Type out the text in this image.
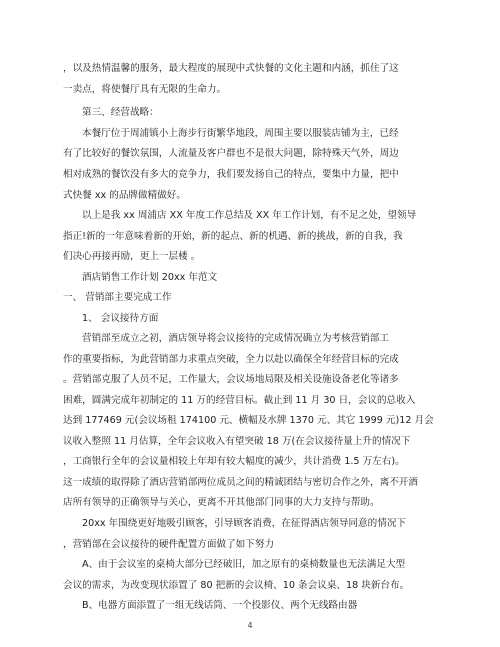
，以及热情温馨的服务，最大程度的展现中式快餐的文化主题和内涵，抓住了这
一卖点，将使餐厅具有无限的生命力。
第三、经营战略：
本餐厅位于周浦镇小上海步行街繁华地段，周围主要以服装店铺为主，已经
有了比较好的餐饮氛围，人流量及客户群也不是很大问题，除特殊天气外，周边
相对成熟的餐饮没有多大的竞争力，我们要发扬自己的特点，要集中力量，把中
式快餐 xx 的品牌做精做好。
以上是我 xx 周浦店 XX 年度工作总结及 XX 年工作计划，有不足之处，望领导
指正!新的一年意味着新的开始，新的起点、新的机遇、新的挑战，新的自我，我
们决心再接再励，更上一层楼 。
酒店销售工作计划 20xx 年范文
一、 营销部主要完成工作
1、 会议接待方面
营销部至成立之初，酒店领导将会议接待的完成情况确立为考核营销部工
作的重要指标，为此营销部力求重点突破，全力以赴以确保全年经营目标的完成
。营销部克服了人员不足，工作量大，会议场地局限及相关设施设备老化等诸多
困难，圆满完成年初制定的 11 万的经营目标。截止到 11 月 30 日，会议的总收入
达到 177469 元(会议场租 174100 元、横幅及水牌 1370 元、其它 1999 元)12 月会
议收入整照 11 月估算，全年会议收入有望突破 18 万(在会议接待量上升的情况下
，工商银行全年的会议量相较上年却有较大幅度的减少，共计消费 1.5 万左右)。
这一成绩的取得除了酒店营销部两位成员之间的精诚团结与密切合作之外，离不开酒
店所有领导的正确领导与关心，更离不开其他部门同事的大力支持与帮助。
20xx 年围绕更好地吸引顾客，引导顾客消费，在征得酒店领导同意的情况下
，营销部在会议接待的硬件配置方面做了如下努力
A、由于会议室的桌椅大部分已经破旧，加之原有的桌椅数量也无法满足大型
会议的需求，为改变现状添置了 80 把新的会议椅、10 条会议桌、18 块新台布。
B、电器方面添置了一组无线话筒、一个投影仪、两个无线路由器
4
